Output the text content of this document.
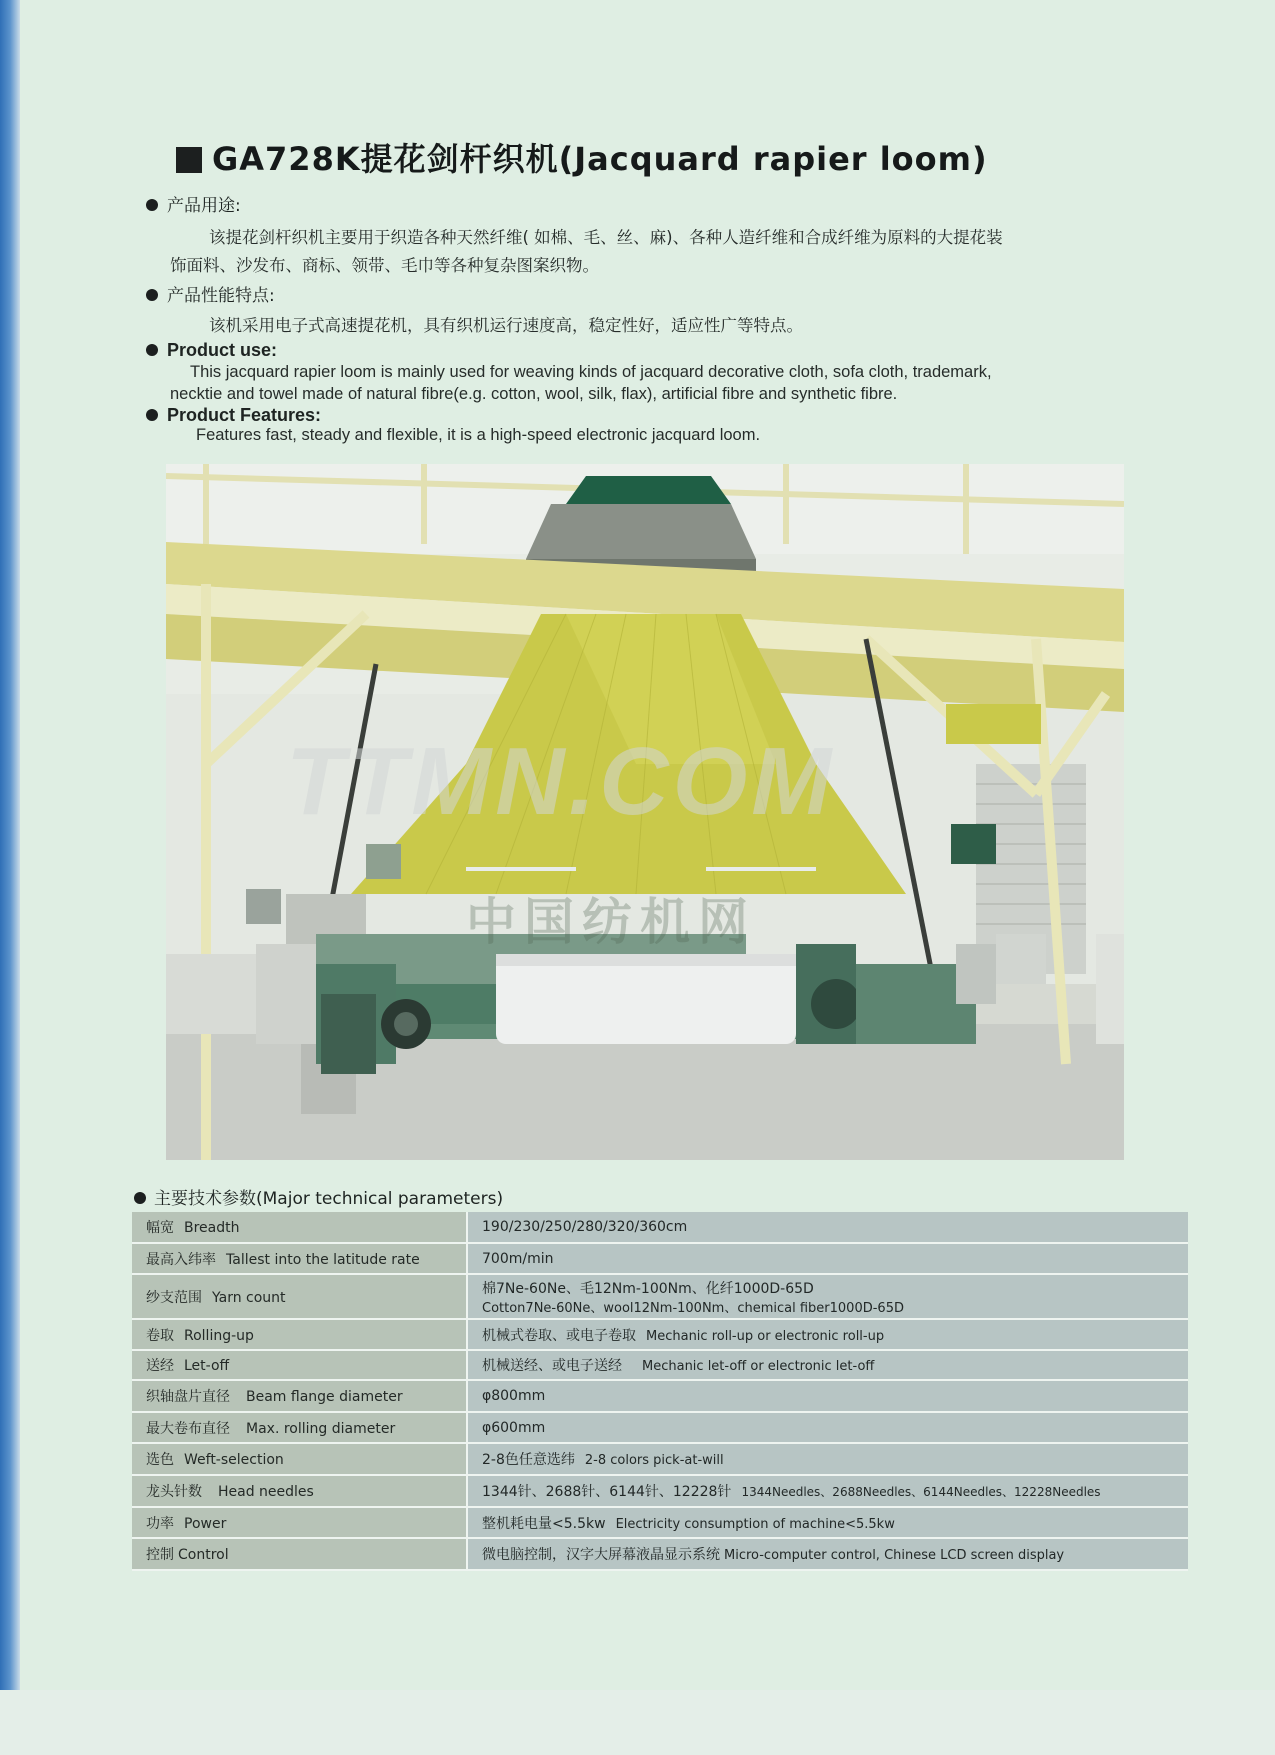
GA728K提花剑杆织机(Jacquard rapier loom)
产品用途:
该提花剑杆织机主要用于织造各种天然纤维( 如棉、毛、丝、麻)、各种人造纤维和合成纤维为原料的大提花装
饰面料、沙发布、商标、领带、毛巾等各种复杂图案织物。
产品性能特点:
该机采用电子式高速提花机，具有织机运行速度高，稳定性好，适应性广等特点。
Product use:
This jacquard rapier loom is mainly used for weaving kinds of jacquard decorative cloth, sofa cloth, trademark,
necktie and towel made of natural fibre(e.g. cotton, wool, silk, flax), artificial fibre and synthetic fibre.
Product Features:
Features fast, steady and flexible, it is a high-speed electronic jacquard loom.
TTMN.COM
中国纺机网
主要技术参数(Major technical parameters)
幅宽 Breadth	190/230/250/280/320/360cm
最高入纬率 Tallest into the latitude rate	700m/min
纱支范围 Yarn count	棉7Ne-60Ne、毛12Nm-100Nm、化纤1000D-65D
Cotton7Ne-60Ne、wool12Nm-100Nm、chemical fiber1000D-65D

卷取 Rolling-up	机械式卷取、或电子卷取 Mechanic roll-up or electronic roll-up
送经 Let-off	机械送经、或电子送经 Mechanic let-off or electronic let-off
织轴盘片直径 Beam flange diameter	φ800mm
最大卷布直径 Max. rolling diameter	φ600mm
选色 Weft-selection	2-8色任意选纬 2-8 colors pick-at-will
龙头针数 Head needles	1344针、2688针、6144针、12228针 1344Needles、2688Needles、6144Needles、12228Needles
功率 Power	整机耗电量<5.5kw Electricity consumption of machine<5.5kw
控制 Control	微电脑控制，汉字大屏幕液晶显示系统 Micro-computer control, Chinese LCD screen display
